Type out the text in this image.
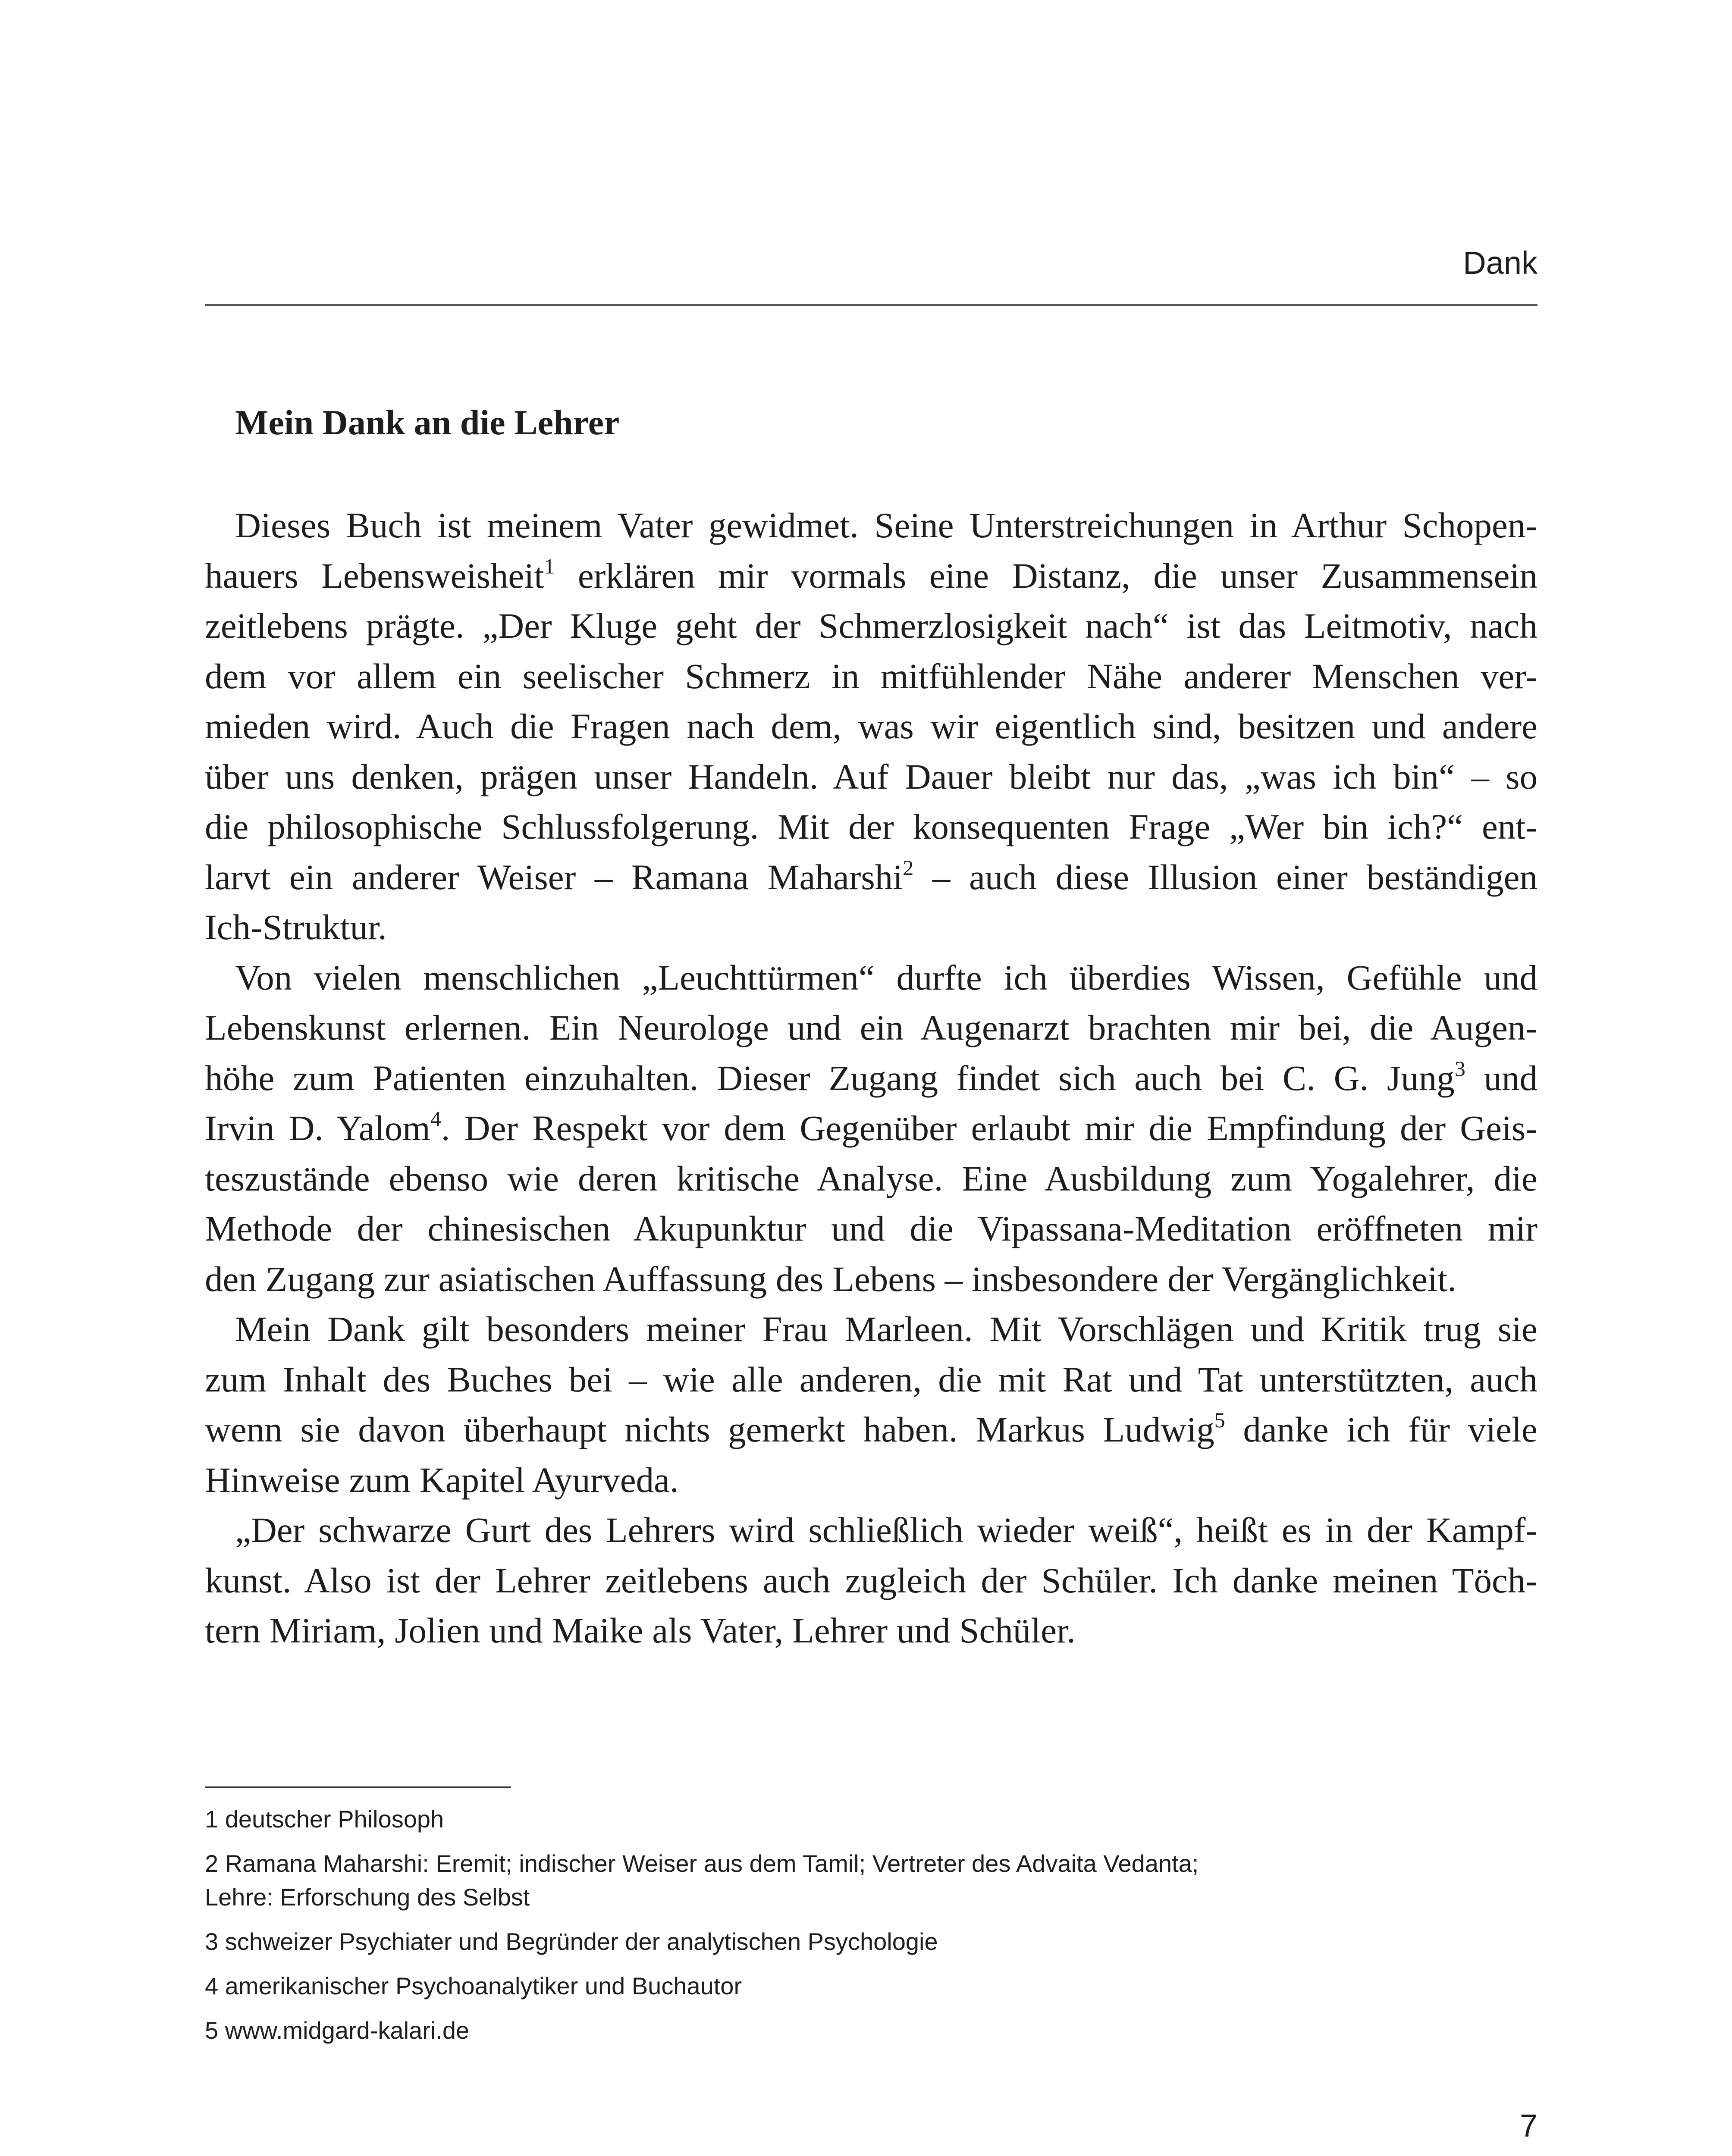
Dank
Mein Dank an die Lehrer

Dieses Buch ist meinem Vater gewidmet. Seine Unterstreichungen in Arthur Schopen-
hauers Lebensweisheit$^1$ erklären mir vormals eine Distanz, die unser Zusammensein
zeitlebens prägte. „Der Kluge geht der Schmerzlosigkeit nach“ ist das Leitmotiv, nach
dem vor allem ein seelischer Schmerz in mitfühlender Nähe anderer Menschen ver-
mieden wird. Auch die Fragen nach dem, was wir eigentlich sind, besitzen und andere
über uns denken, prägen unser Handeln. Auf Dauer bleibt nur das, „was ich bin“ – so
die philosophische Schlussfolgerung. Mit der konsequenten Frage „Wer bin ich?“ ent-
larvt ein anderer Weiser – Ramana Maharshi$^2$ – auch diese Illusion einer beständigen
Ich-Struktur.

Von vielen menschlichen „Leuchttürmen“ durfte ich überdies Wissen, Gefühle und
Lebenskunst erlernen. Ein Neurologe und ein Augenarzt brachten mir bei, die Augen-
höhe zum Patienten einzuhalten. Dieser Zugang findet sich auch bei C. G. Jung$^3$ und
Irvin D. Yalom$^4$. Der Respekt vor dem Gegenüber erlaubt mir die Empfindung der Geis-
teszustände ebenso wie deren kritische Analyse. Eine Ausbildung zum Yogalehrer, die
Methode der chinesischen Akupunktur und die Vipassana-Meditation eröffneten mir
den Zugang zur asiatischen Auffassung des Lebens – insbesondere der Vergänglichkeit.

Mein Dank gilt besonders meiner Frau Marleen. Mit Vorschlägen und Kritik trug sie
zum Inhalt des Buches bei – wie alle anderen, die mit Rat und Tat unterstützten, auch
wenn sie davon überhaupt nichts gemerkt haben. Markus Ludwig$^5$ danke ich für viele
Hinweise zum Kapitel Ayurveda.

„Der schwarze Gurt des Lehrers wird schließlich wieder weiß“, heißt es in der Kampf-
kunst. Also ist der Lehrer zeitlebens auch zugleich der Schüler. Ich danke meinen Töch-
tern Miriam, Jolien und Maike als Vater, Lehrer und Schüler.

1 deutscher Philosoph

2 Ramana Maharshi: Eremit; indischer Weiser aus dem Tamil; Vertreter des Advaita Vedanta;
Lehre: Erforschung des Selbst

3 schweizer Psychiater und Begründer der analytischen Psychologie

4 amerikanischer Psychoanalytiker und Buchautor

5 www.midgard-kalari.de

7
